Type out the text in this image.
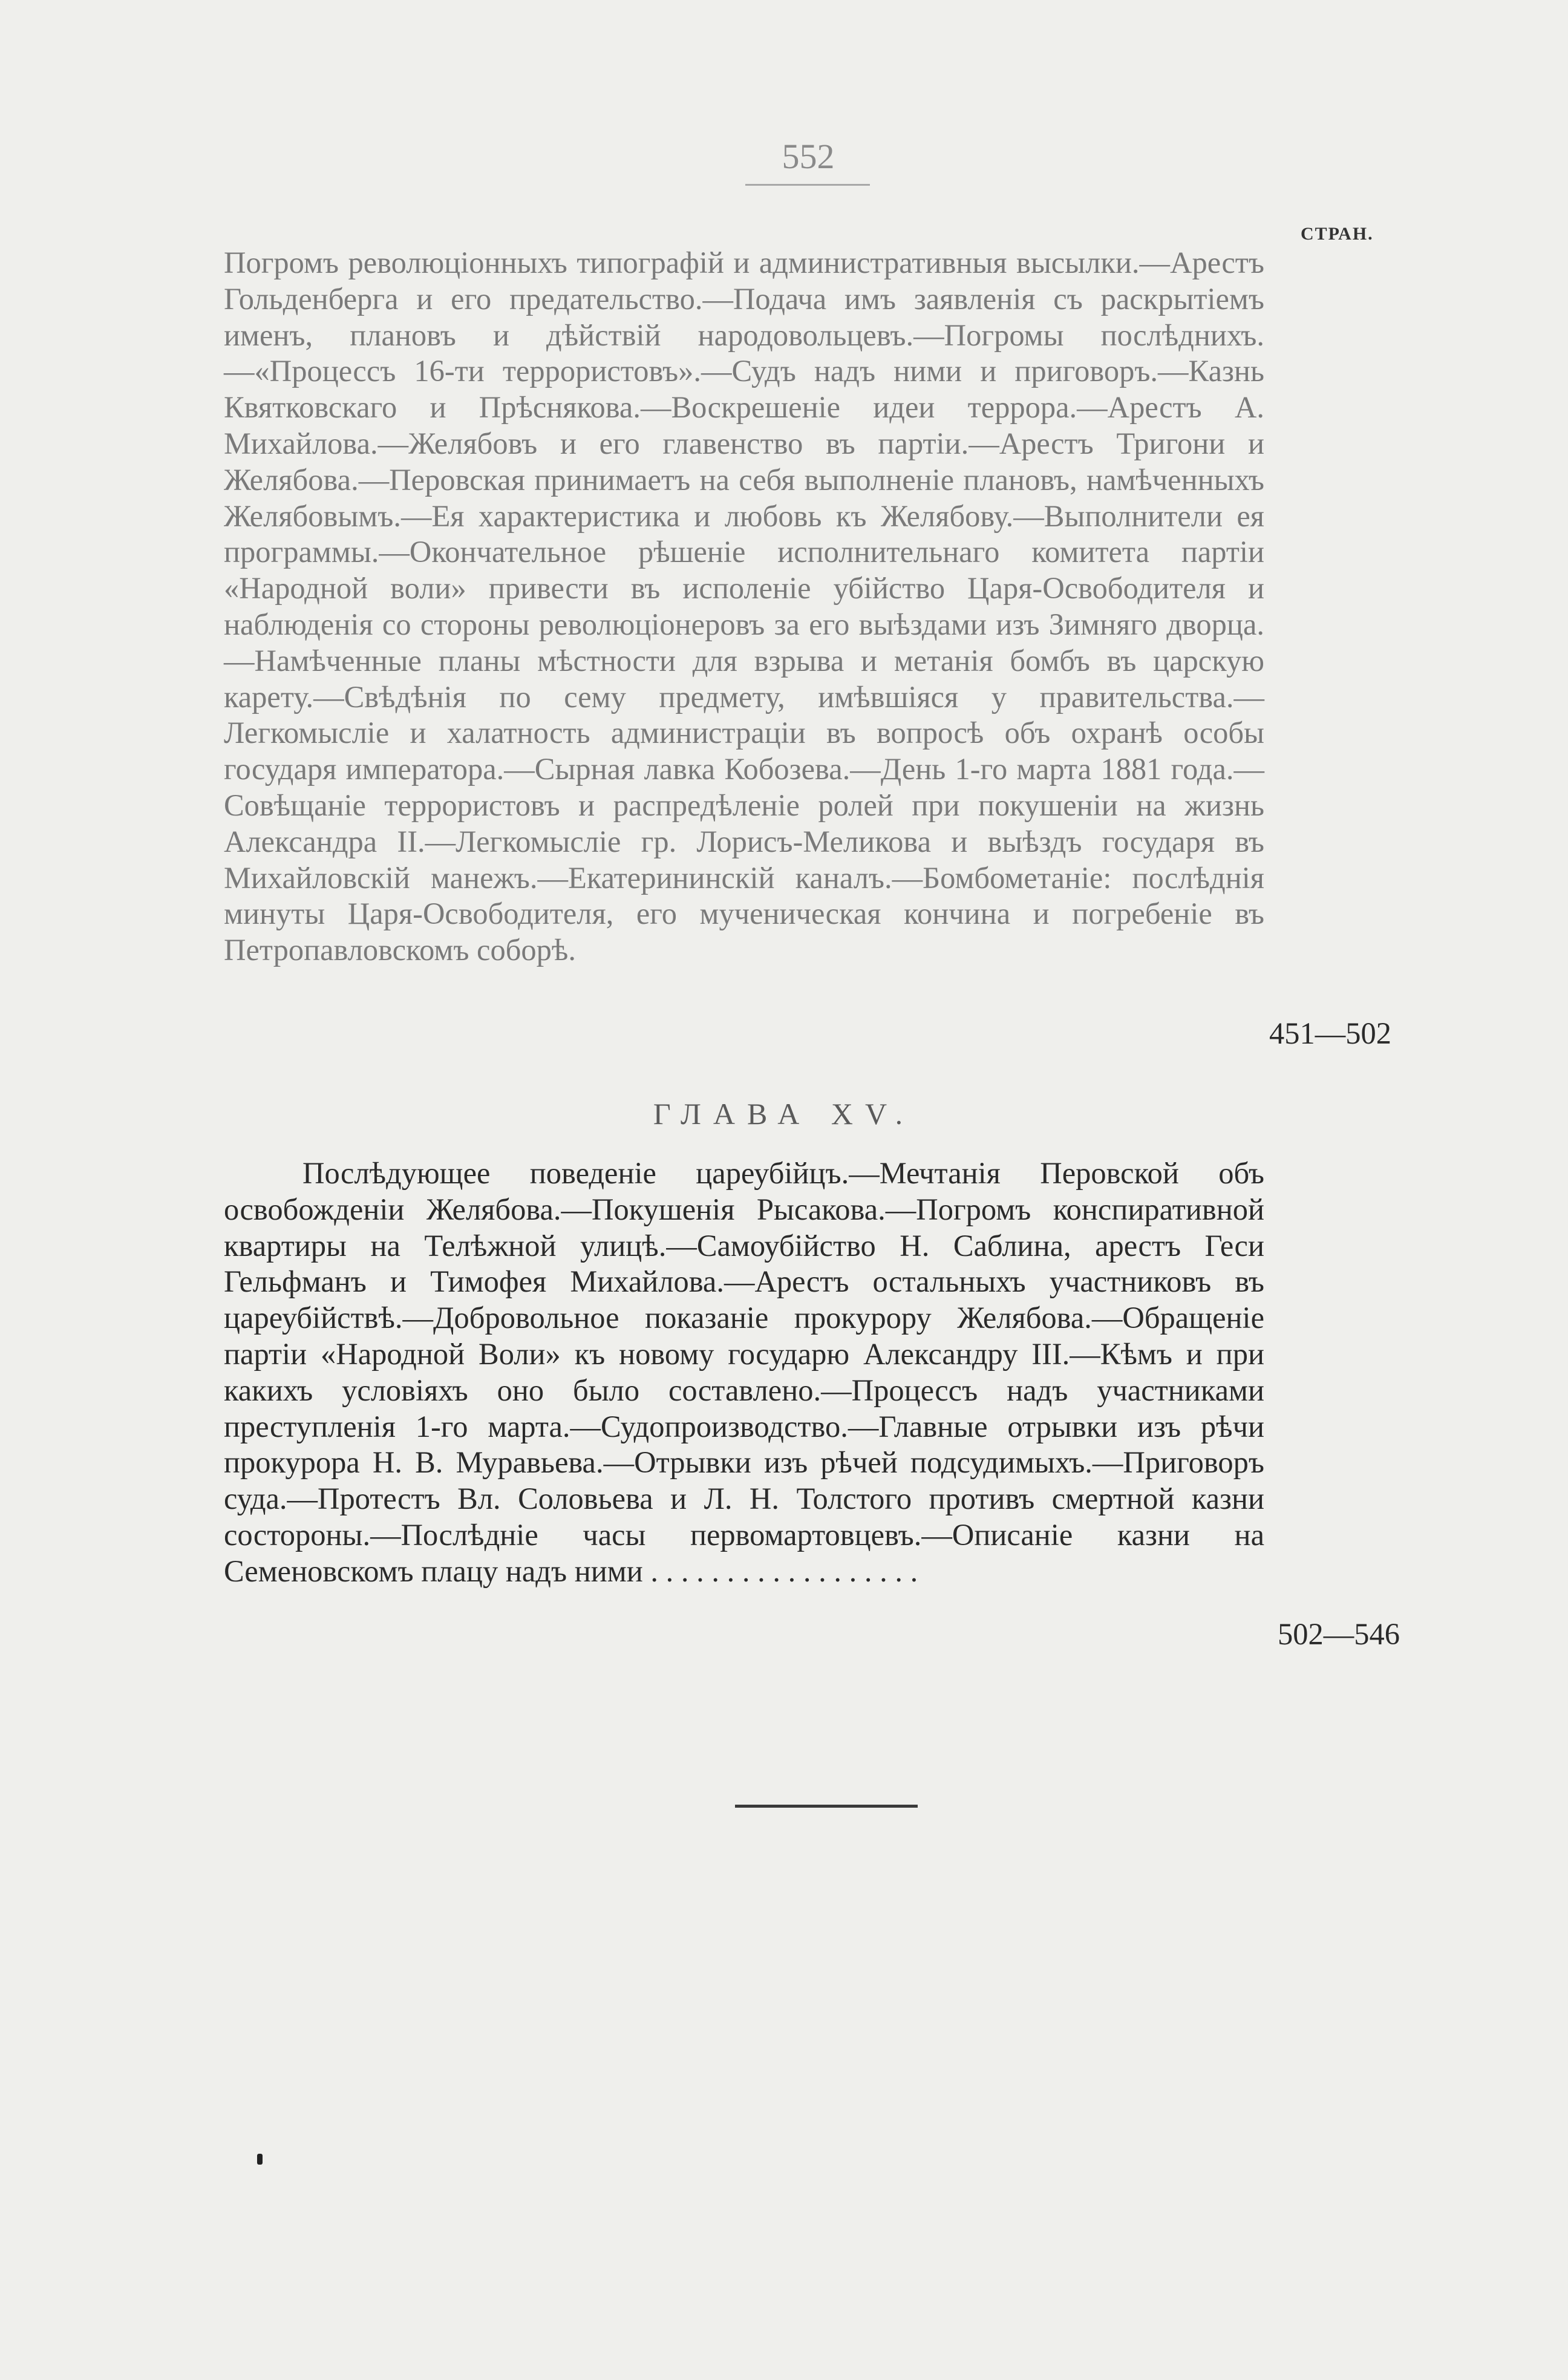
552
СТРАН.
Погромъ революціонныхъ типографій и административныя высылки.—Арестъ Гольденберга и его предательство.—Подача имъ заявленія съ раскрытіемъ именъ, плановъ и дѣйствій народовольцевъ.—Погромы послѣднихъ.—«Процессъ 16-ти террористовъ».—Судъ надъ ними и приговоръ.—Казнь Квятковскаго и Прѣснякова.—Воскрешеніе идеи террора.—Арестъ А. Михайлова.—Желябовъ и его главенство въ партіи.—Арестъ Тригони и Желябова.—Перовская принимаетъ на себя выполненіе плановъ, намѣченныхъ Желябовымъ.—Ея характеристика и любовь къ Желябову.—Выполнители ея программы.—Окончательное рѣшеніе исполнительнаго комитета партіи «Народной воли» привести въ исполеніе убійство Царя-Освободителя и наблюденія со стороны революціонеровъ за его выѣздами изъ Зимняго дворца.—Намѣченные планы мѣстности для взрыва и метанія бомбъ въ царскую карету.—Свѣдѣнія по сему предмету, имѣвшіяся у правительства.—Легкомысліе и халатность администраціи въ вопросѣ объ охранѣ особы государя императора.—Сырная лавка Кобозева.—День 1-го марта 1881 года.—Совѣщаніе террористовъ и распредѣленіе ролей при покушеніи на жизнь Александра II.—Легкомысліе гр. Лорисъ-Меликова и выѣздъ государя въ Михайловскій манежъ.—Екатерининскій каналъ.—Бомбометаніе: послѣднія минуты Царя-Освободителя, его мученическая кончина и погребеніе въ Петропавловскомъ соборѣ.
451—502
ГЛАВА XV.
Послѣдующее поведеніе цареубійцъ.—Мечтанія Перовской объ освобожденіи Желябова.—Покушенія Рысакова.—Погромъ конспиративной квартиры на Телѣжной улицѣ.—Самоубійство Н. Саблина, арестъ Геси Гельфманъ и Тимофея Михайлова.—Арестъ остальныхъ участниковъ въ цареубійствѣ.—Добровольное показаніе прокурору Желябова.—Обращеніе партіи «Народной Воли» къ новому государю Александру III.—Кѣмъ и при какихъ условіяхъ оно было составлено.—Процессъ надъ участниками преступленія 1-го марта.—Судопроизводство.—Главные отрывки изъ рѣчи прокурора Н. В. Муравьева.—Отрывки изъ рѣчей подсудимыхъ.—Приговоръ суда.—Протестъ Вл. Соловьева и Л. Н. Толстого противъ смертной казни состороны.—Послѣдніе часы первомартовцевъ.—Описаніе казни на Семеновскомъ плацу надъ ними . . . . . . . . . . . . . . . . . .
502—546
